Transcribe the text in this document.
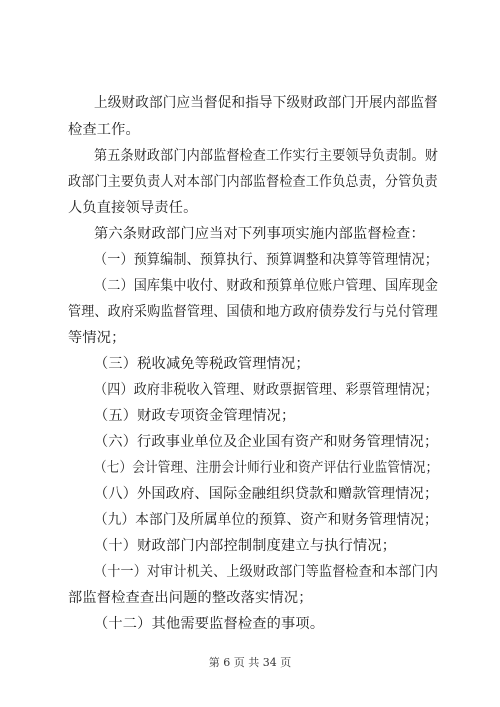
上级财政部门应当督促和指导下级财政部门开展内部监督
检查工作。
第五条财政部门内部监督检查工作实行主要领导负责制。财
政部门主要负责人对本部门内部监督检查工作负总责，分管负责
人负直接领导责任。
第六条财政部门应当对下列事项实施内部监督检查：
（一）预算编制、预算执行、预算调整和决算等管理情况；
（二）国库集中收付、财政和预算单位账户管理、国库现金
管理、政府采购监督管理、国债和地方政府债券发行与兑付管理
等情况；
（三）税收减免等税政管理情况；
（四）政府非税收入管理、财政票据管理、彩票管理情况；
（五）财政专项资金管理情况；
（六）行政事业单位及企业国有资产和财务管理情况；
（七）会计管理、注册会计师行业和资产评估行业监管情况；
（八）外国政府、国际金融组织贷款和赠款管理情况；
（九）本部门及所属单位的预算、资产和财务管理情况；
（十）财政部门内部控制制度建立与执行情况；
（十一）对审计机关、上级财政部门等监督检查和本部门内
部监督检查查出问题的整改落实情况；
（十二）其他需要监督检查的事项。
第 6 页 共 34 页
